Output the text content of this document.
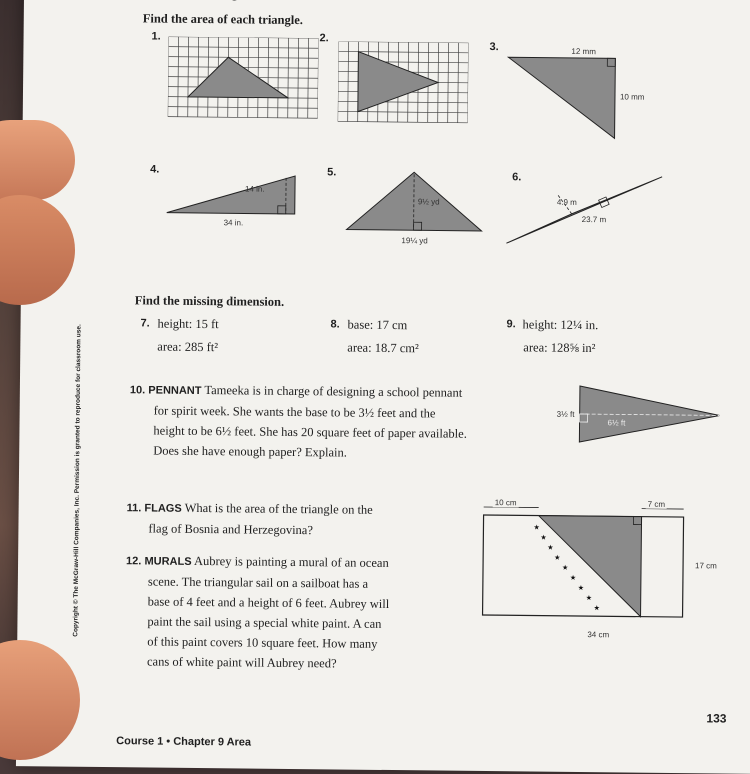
Find the area of each triangle.
1.	2.
3.	12 mm
10 mm
4.
14 in.
34 in.
5.
9½ yd
19¼ yd
6.
4.9 m
23.7 m
Find the missing dimension.
7. height: 15 ft
area: 285 ft²
8. base: 17 cm
area: 18.7 cm²
9. height: 12¼ in.
area: 128⅝ in²
Copyright © The McGraw-Hill Companies, Inc. Permission is granted to reproduce for classroom use.	10. PENNANT Tameeka is in charge of designing a school pennant
for spirit week. She wants the base to be 3½ feet and the
height to be 6½ feet. She has 20 square feet of paper available.
Does she have enough paper? Explain.
3½ ft
6½ ft
11. FLAGS What is the area of the triangle on the
flag of Bosnia and Herzegovina?	★
★
★
★
★
★
★
★
★
10 cm	7 cm
17 cm
34 cm
12. MURALS Aubrey is painting a mural of an ocean
scene. The triangular sail on a sailboat has a
base of 4 feet and a height of 6 feet. Aubrey will
paint the sail using a special white paint. A can
of this paint covers 10 square feet. How many
cans of white paint will Aubrey need?
133
Course 1 • Chapter 9 Area
